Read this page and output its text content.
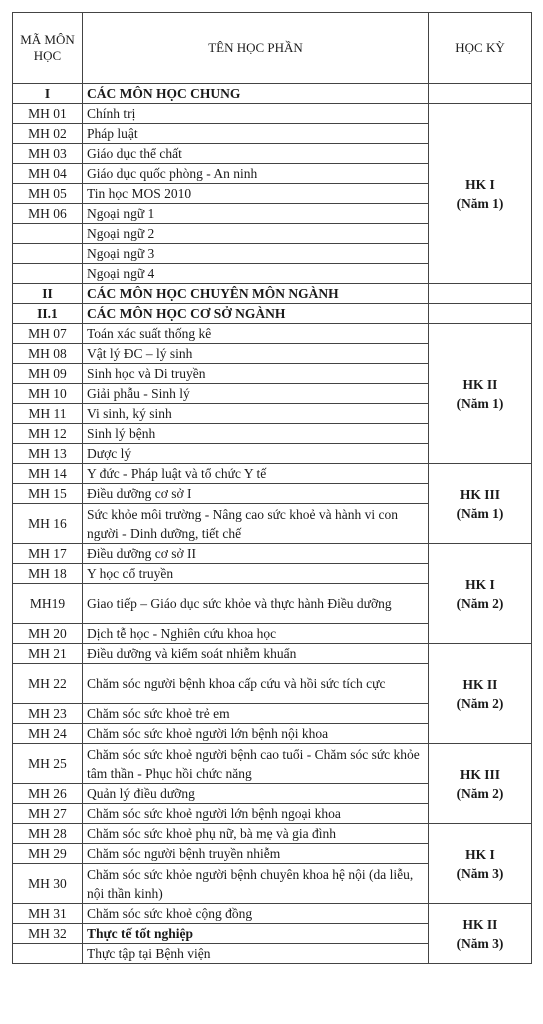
MÃ MÔN HỌC	TÊN HỌC PHẦN	HỌC KỲ
I	CÁC MÔN HỌC CHUNG	

MH 01	Chính trị	HK I
(Năm 1)

MH 02	Pháp luật	

MH 03	Giáo dục thể chất	

MH 04	Giáo dục quốc phòng - An ninh	

MH 05	Tin học MOS 2010	

MH 06	Ngoại ngữ 1	

	Ngoại ngữ 2	

	Ngoại ngữ 3	

	Ngoại ngữ 4	

II	CÁC MÔN HỌC CHUYÊN MÔN NGÀNH	

II.1	CÁC MÔN HỌC CƠ SỞ NGÀNH	

MH 07	Toán xác suất thống kê	HK II
(Năm 1)

MH 08	Vật lý ĐC – lý sinh	

MH 09	Sinh học và Di truyền	

MH 10	Giải phẫu - Sinh lý	

MH 11	Vi sinh, ký sinh	

MH 12	Sinh lý bệnh	

MH 13	Dược lý	

MH 14	Y đức - Pháp luật và tổ chức Y tế	HK III
(Năm 1)

MH 15	Điều dưỡng cơ sở I	

MH 16	Sức khỏe môi trường - Nâng cao sức khoẻ và hành vi con người - Dinh dưỡng, tiết chế	

MH 17	Điều dưỡng cơ sở II	HK I
(Năm 2)

MH 18	Y học cổ truyền	

MH19	Giao tiếp – Giáo dục sức khỏe và thực hành Điều dưỡng	

MH 20	Dịch tễ học - Nghiên cứu khoa học	

MH 21	Điều dưỡng và kiểm soát nhiễm khuẩn	HK II
(Năm 2)

MH 22	Chăm sóc người bệnh khoa cấp cứu và hồi sức tích cực	

MH 23	Chăm sóc sức khoẻ trẻ em	

MH 24	Chăm sóc sức khoẻ người lớn bệnh nội khoa	

MH 25	Chăm sóc sức khoẻ người bệnh cao tuổi - Chăm sóc sức khỏe tâm thần - Phục hồi chức năng	HK III
(Năm 2)

MH 26	Quản lý điều dưỡng	

MH 27	Chăm sóc sức khoẻ người lớn bệnh ngoại khoa	

MH 28	Chăm sóc sức khoẻ phụ nữ, bà mẹ và gia đình	HK I
(Năm 3)

MH 29	Chăm sóc người bệnh truyền nhiễm	

MH 30	Chăm sóc sức khỏe người bệnh chuyên khoa hệ nội (da liễu, nội thần kinh)	

MH 31	Chăm sóc sức khoẻ cộng đồng	HK II
(Năm 3)

MH 32	Thực tế tốt nghiệp	

	Thực tập tại Bệnh viện	
